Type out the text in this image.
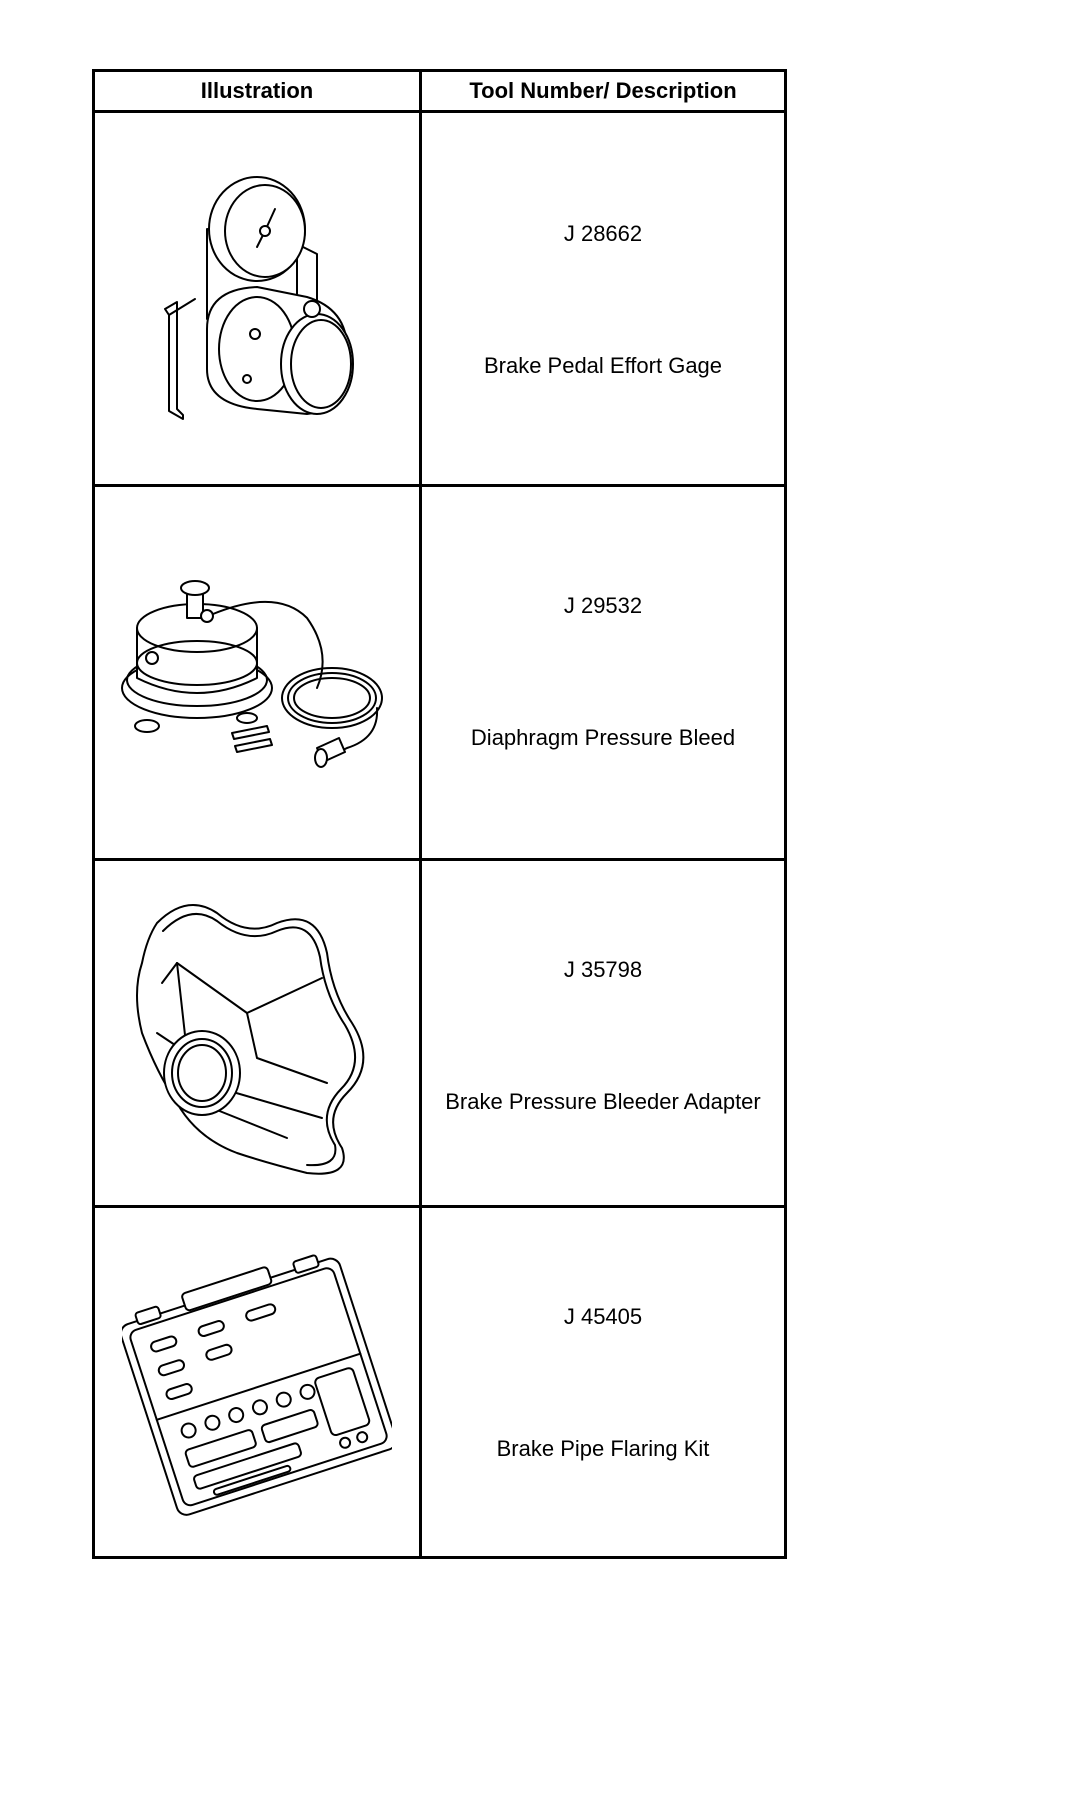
Illustration	Tool Number/ Description

J 28662
Brake Pedal Effort Gage

J 29532
Diaphragm Pressure Bleed

J 35798
Brake Pressure Bleeder Adapter

J 45405
Brake Pipe Flaring Kit
